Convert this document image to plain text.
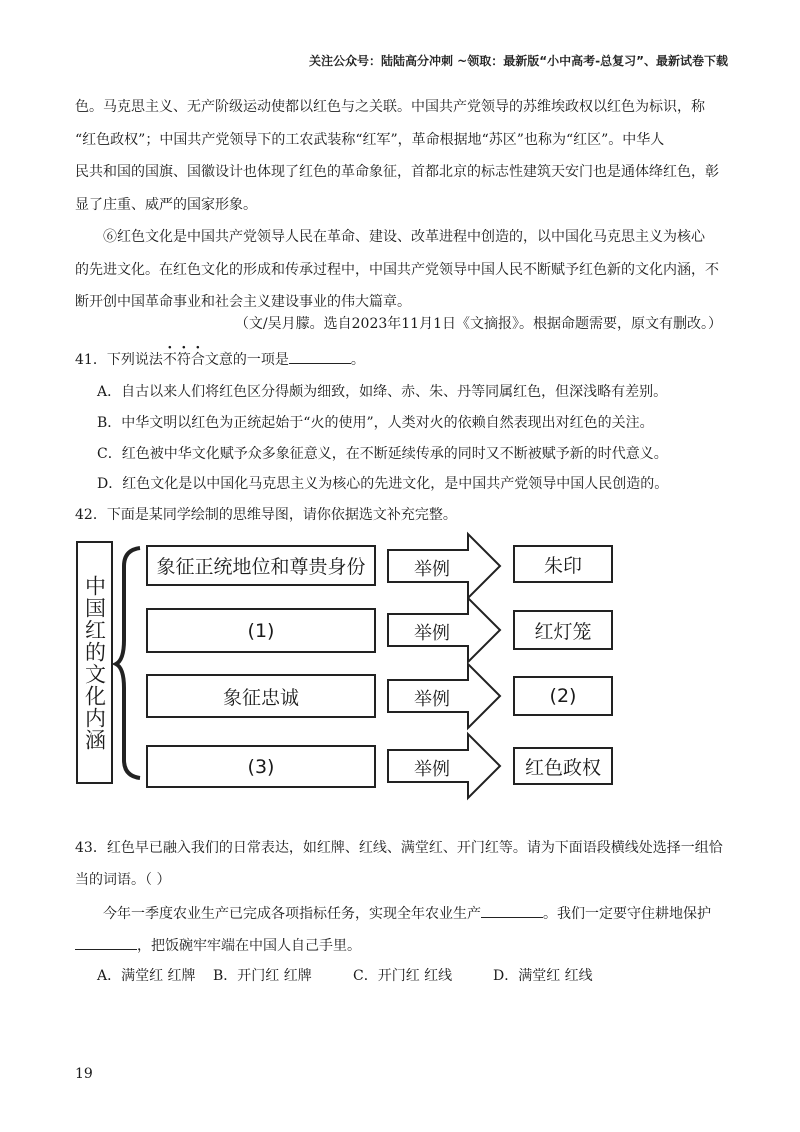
关注公众号：陆陆高分冲刺 ~领取：最新版“小中高考-总复习”、最新试卷下载

色。马克思主义、无产阶级运动使都以红色与之关联。中国共产党领导的苏维埃政权以红色为标识，称

“红色政权”；中国共产党领导下的工农武装称“红军”，革命根据地“苏区”也称为“红区”。中华人

民共和国的国旗、国徽设计也体现了红色的革命象征，首都北京的标志性建筑天安门也是通体绛红色，彰

显了庄重、威严的国家形象。

⑥红色文化是中国共产党领导人民在革命、建设、改革进程中创造的，以中国化马克思主义为核心

的先进文化。在红色文化的形成和传承过程中，中国共产党领导中国人民不断赋予红色新的文化内涵，不

断开创中国革命事业和社会主义建设事业的伟大篇章。

（文/吴月朦。选自2023年11月1日《文摘报》。根据命题需要，原文有删改。）
41．下列说法不符合文意的一项是	。
A．自古以来人们将红色区分得颇为细致，如绛、赤、朱、丹等同属红色，但深浅略有差别。
B．中华文明以红色为正统起始于“火的使用”，人类对火的依赖自然表现出对红色的关注。
C．红色被中华文化赋予众多象征意义，在不断延续传承的同时又不断被赋予新的时代意义。
D．红色文化是以中国化马克思主义为核心的先进文化，是中国共产党领导中国人民创造的。
42．下面是某同学绘制的思维导图，请你依据选文补充完整。
中国红的文化内涵
象征正统地位和尊贵身份
(1)
象征忠诚
(3)
举例
举例
举例
举例
朱印
红灯笼
(2)
红色政权
43．红色早已融入我们的日常表达，如红牌、红线、满堂红、开门红等。请为下面语段横线处选择一组恰
当的词语。（ ）
今年一季度农业生产已完成各项指标任务，实现全年农业生产	。我们一定要守住耕地保护
，把饭碗牢牢端在中国人自己手里。
A．满堂红 红牌 B．开门红 红牌	C．开门红 红线	D．满堂红 红线
19
